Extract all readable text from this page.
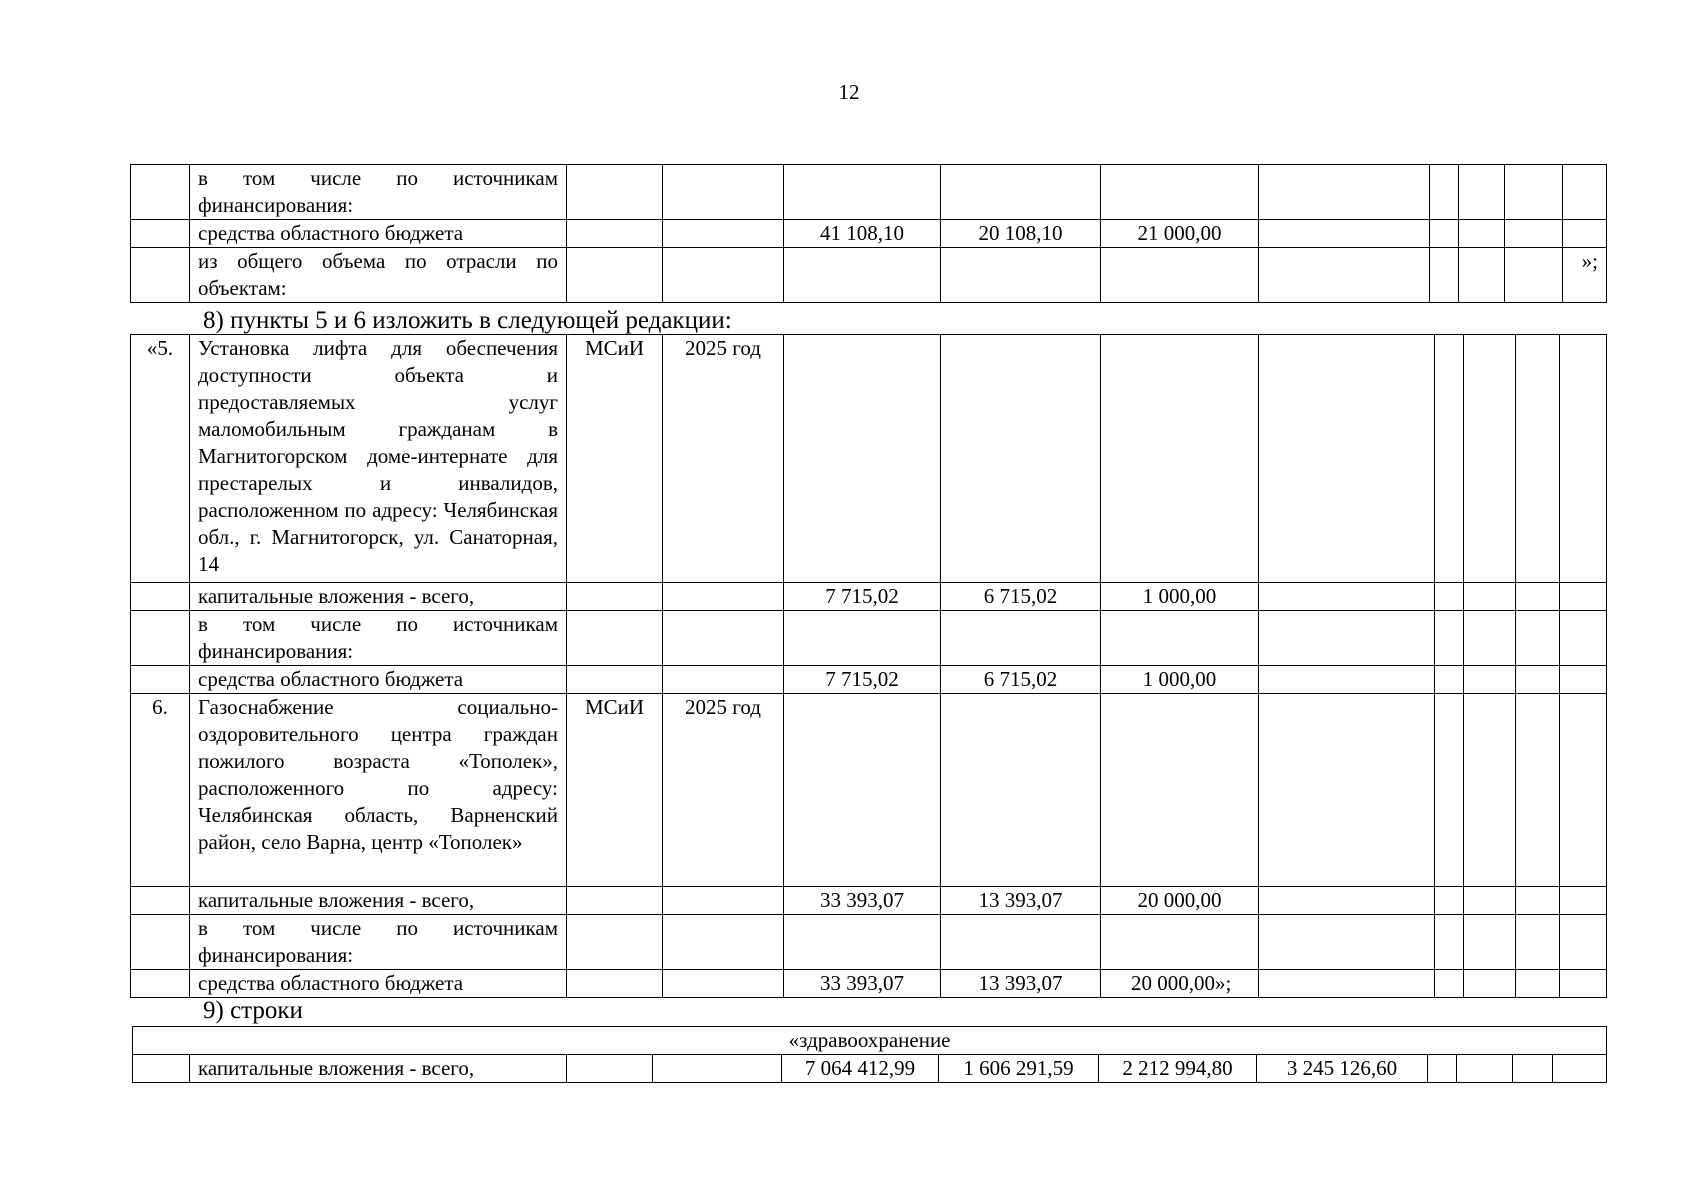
12
	в том числе по источникам финансирования:										
	средства областного бюджета			41 108,10	20 108,10	21 000,00					
	из общего объема по отрасли по объектам:										»;
8) пункты 5 и 6 изложить в следующей редакции:
«5.	Установка лифта для обеспечения доступности объекта и предоставляемых услуг маломобильным гражданам в Магнитогорском доме-интернате для престарелых и инвалидов, расположенном по адресу: Челябинская обл., г. Магнитогорск, ул. Санаторная, 14	МСиИ	2025 год								
	капитальные вложения - всего,			7 715,02	6 715,02	1 000,00					
	в том числе по источникам финансирования:										
	средства областного бюджета			7 715,02	6 715,02	1 000,00					
6.	Газоснабжение социально-оздоровительного центра граждан пожилого возраста «Тополек», расположенного по адресу: Челябинская область, Варненский район, село Варна, центр «Тополек»	МСиИ	2025 год								
	капитальные вложения - всего,			33 393,07	13 393,07	20 000,00					
	в том числе по источникам финансирования:										
	средства областного бюджета			33 393,07	13 393,07	20 000,00»;					
9) строки
«здравоохранение
	капитальные вложения - всего,			7 064 412,99	1 606 291,59	2 212 994,80	3 245 126,60				
